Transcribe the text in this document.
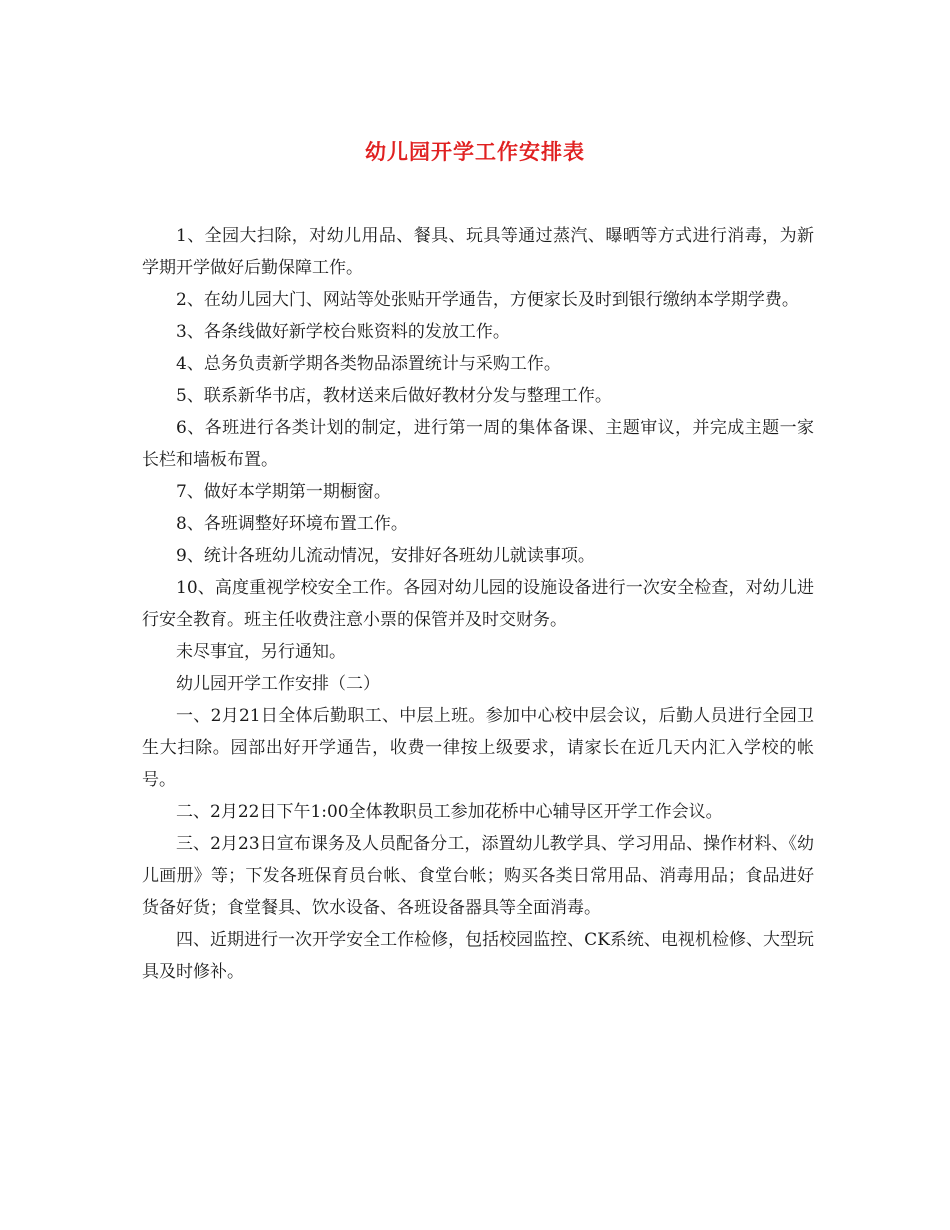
幼儿园开学工作安排表

1、全园大扫除，对幼儿用品、餐具、玩具等通过蒸汽、曝晒等方式进行消毒，为新学期开学做好后勤保障工作。

2、在幼儿园大门、网站等处张贴开学通告，方便家长及时到银行缴纳本学期学费。

3、各条线做好新学校台账资料的发放工作。

4、总务负责新学期各类物品添置统计与采购工作。

5、联系新华书店，教材送来后做好教材分发与整理工作。

6、各班进行各类计划的制定，进行第一周的集体备课、主题审议，并完成主题一家长栏和墙板布置。

7、做好本学期第一期橱窗。

8、各班调整好环境布置工作。

9、统计各班幼儿流动情况，安排好各班幼儿就读事项。

10、高度重视学校安全工作。各园对幼儿园的设施设备进行一次安全检查，对幼儿进行安全教育。班主任收费注意小票的保管并及时交财务。

未尽事宜，另行通知。

幼儿园开学工作安排（二）

一、2月21日全体后勤职工、中层上班。参加中心校中层会议，后勤人员进行全园卫生大扫除。园部出好开学通告，收费一律按上级要求，请家长在近几天内汇入学校的帐号。

二、2月22日下午1:00全体教职员工参加花桥中心辅导区开学工作会议。

三、2月23日宣布课务及人员配备分工，添置幼儿教学具、学习用品、操作材料、《幼儿画册》等；下发各班保育员台帐、食堂台帐；购买各类日常用品、消毒用品；食品进好货备好货；食堂餐具、饮水设备、各班设备器具等全面消毒。

四、近期进行一次开学安全工作检修，包括校园监控、CK系统、电视机检修、大型玩具及时修补。
